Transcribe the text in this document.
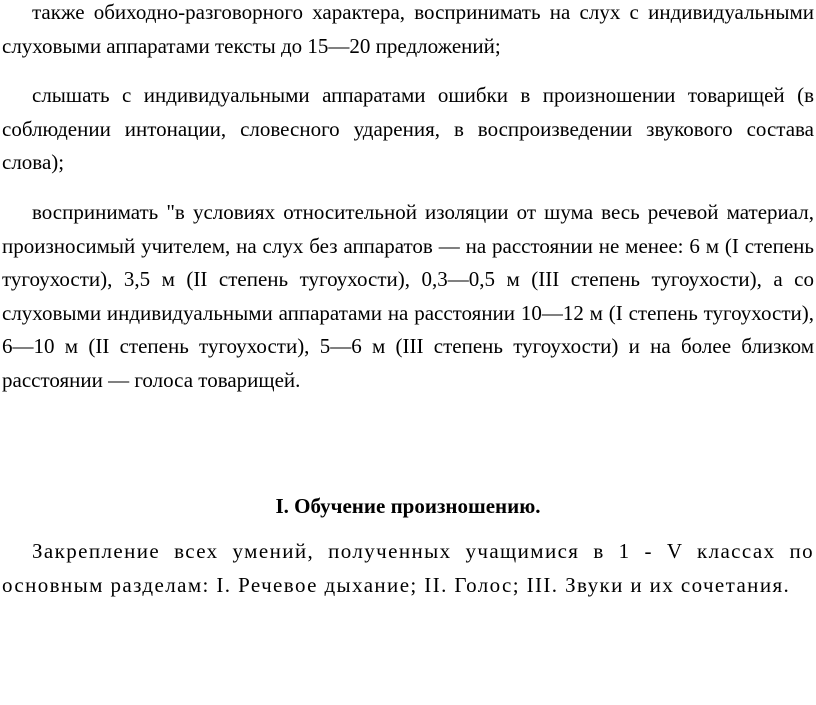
также обиходно-разговорного характера, воспринимать на слух с индивидуальными слуховыми аппаратами тексты до 15—20 предложений;

слышать с индивидуальными аппаратами ошибки в произношении товарищей (в соблюдении интонации, словесного ударения, в воспроизведении звукового состава слова);

воспринимать "в условиях относительной изоляции от шума весь речевой материал, произносимый учителем, на слух без аппаратов — на расстоянии не менее: 6 м (I степень тугоухости), 3,5 м (II степень тугоухости), 0,3—0,5 м (III степень тугоухости), а со слуховыми индивидуальными аппаратами на расстоянии 10—12 м (I степень тугоухости), 6—10 м (II степень тугоухости), 5—6 м (III степень тугоухости) и на более близком расстоянии — голоса товарищей.

I. Обучение произношению.

Закрепление всех умений, полученных учащимися в 1 - V классах по основным разделам: I. Речевое дыхание; II. Голос; III. Звуки и их сочетания.
